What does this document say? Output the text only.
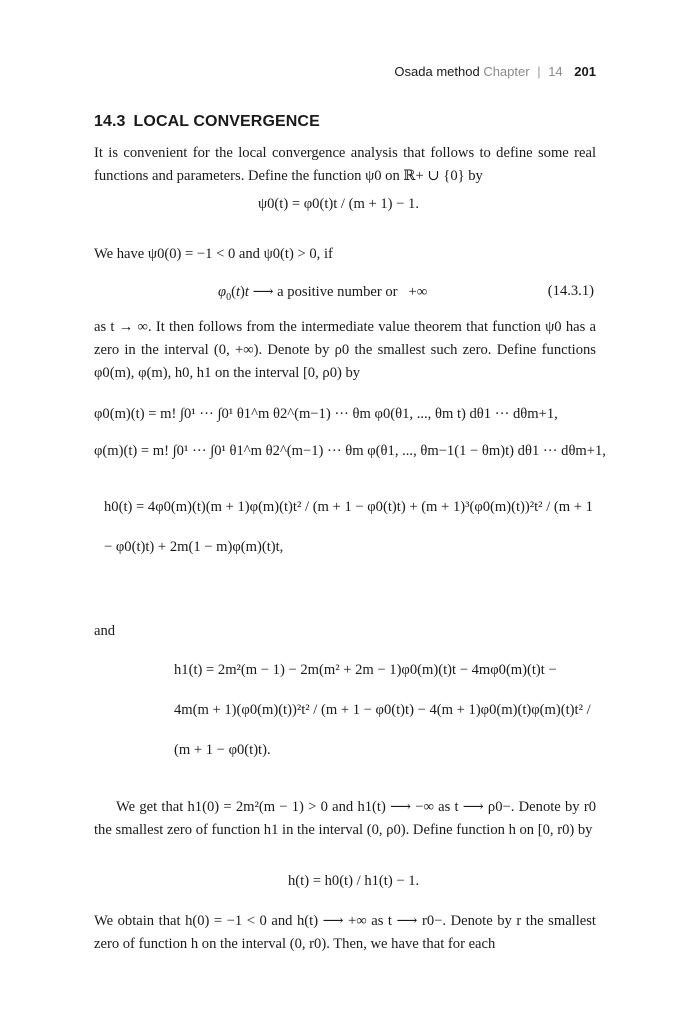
Osada method Chapter | 14 201
14.3 LOCAL CONVERGENCE
It is convenient for the local convergence analysis that follows to define some real functions and parameters. Define the function ψ0 on ℝ+ ∪ {0} by
ψ0(t) = φ0(t)t / (m + 1) − 1.
We have ψ0(0) = −1 < 0 and ψ0(t) > 0, if
$\varphi_0(t)t$ ⟶ a positive number or +∞	(14.3.1)
as t → ∞. It then follows from the intermediate value theorem that function ψ0 has a zero in the interval (0, +∞). Denote by ρ0 the smallest such zero. Define functions φ0(m), φ(m), h0, h1 on the interval [0, ρ0) by
φ0(m)(t) = m! ∫0¹ ··· ∫0¹ θ1^m θ2^(m−1) ··· θm φ0(θ1, ..., θm t) dθ1 ··· dθm+1,
φ(m)(t) = m! ∫0¹ ··· ∫0¹ θ1^m θ2^(m−1) ··· θm φ(θ1, ..., θm−1(1 − θm)t) dθ1 ··· dθm+1,
h0(t) = 4φ0(m)(t)(m + 1)φ(m)(t)t² / (m + 1 − φ0(t)t) + (m + 1)³(φ0(m)(t))²t² / (m + 1 − φ0(t)t) + 2m(1 − m)φ(m)(t)t,
and
h1(t) = 2m²(m − 1) − 2m(m² + 2m − 1)φ0(m)(t)t − 4mφ0(m)(t)t − 4m(m + 1)(φ0(m)(t))²t² / (m + 1 − φ0(t)t) − 4(m + 1)φ0(m)(t)φ(m)(t)t² / (m + 1 − φ0(t)t).
We get that h1(0) = 2m²(m − 1) > 0 and h1(t) ⟶ −∞ as t ⟶ ρ0−. Denote by r0 the smallest zero of function h1 in the interval (0, ρ0). Define function h on [0, r0) by
h(t) = h0(t) / h1(t) − 1.
We obtain that h(0) = −1 < 0 and h(t) ⟶ +∞ as t ⟶ r0−. Denote by r the smallest zero of function h on the interval (0, r0). Then, we have that for each
